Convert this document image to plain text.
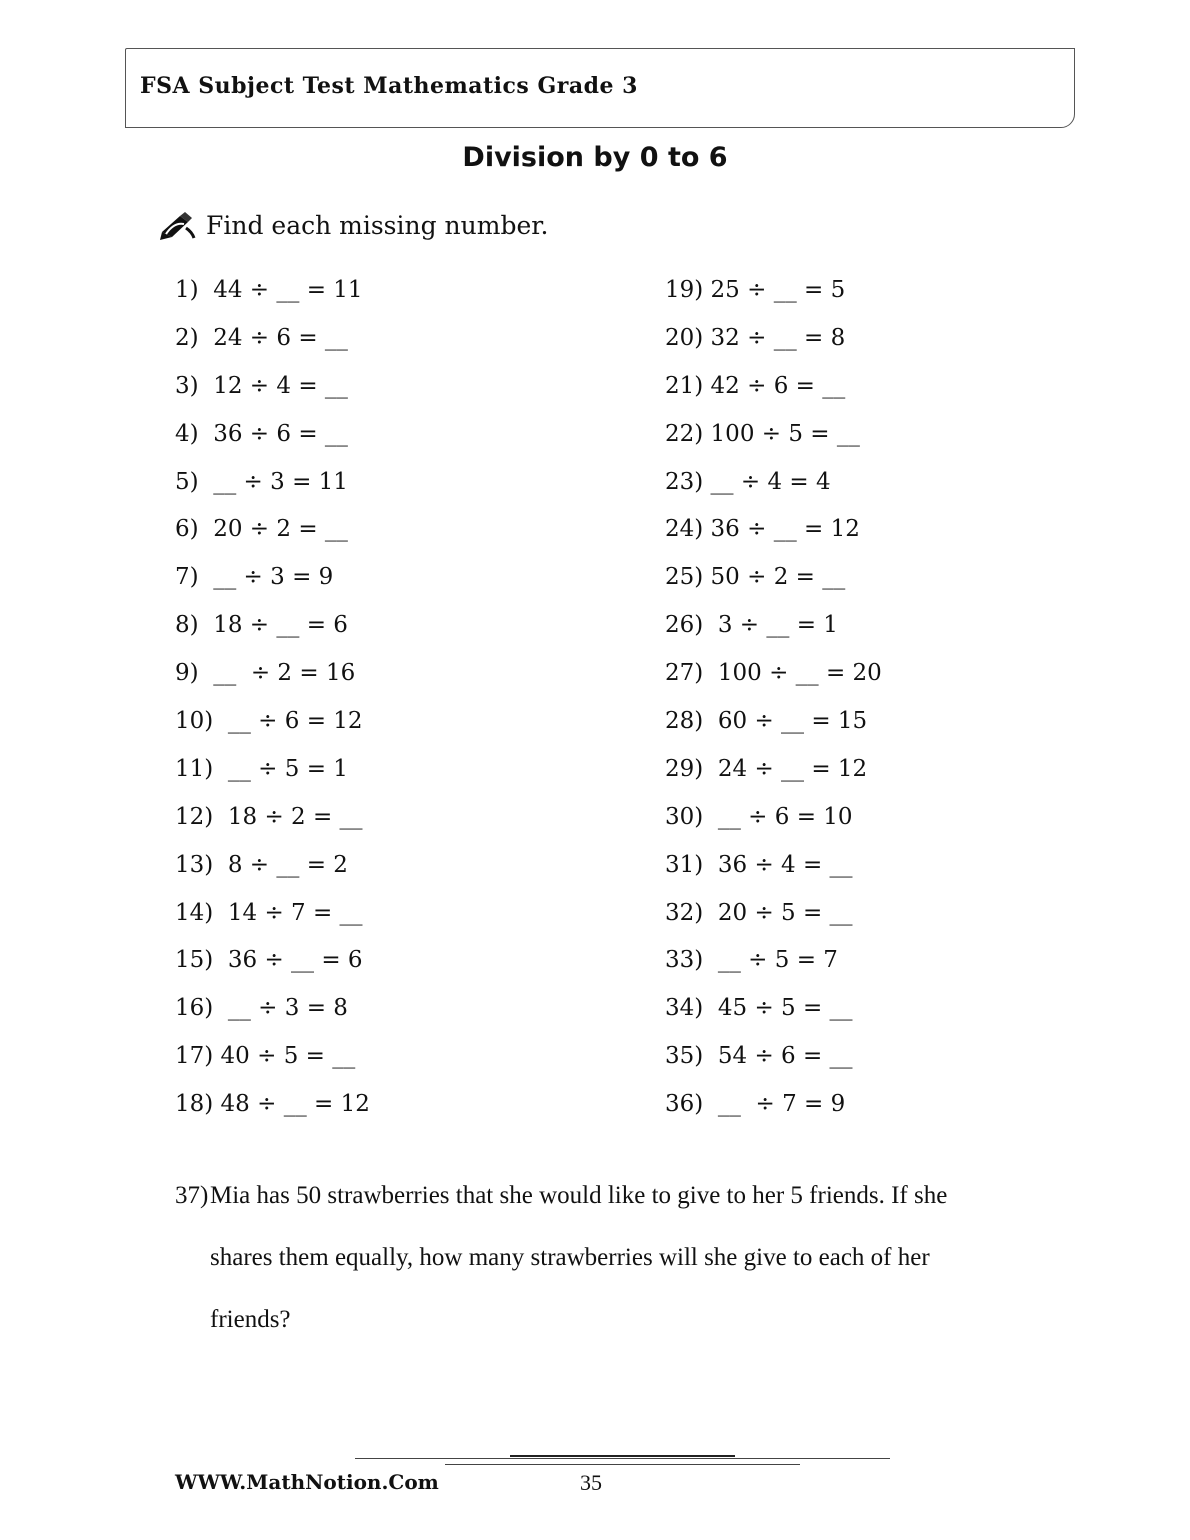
FSA Subject Test Mathematics Grade 3
Division by 0 to 6
Find each missing number.
1)  44 ÷ __ = 11
2)  24 ÷ 6 = __
3)  12 ÷ 4 = __
4)  36 ÷ 6 = __
5)  __ ÷ 3 = 11
6)  20 ÷ 2 = __
7)  __ ÷ 3 = 9
8)  18 ÷ __ = 6
9)  __  ÷ 2 = 16
10)  __ ÷ 6 = 12
11)  __ ÷ 5 = 1
12)  18 ÷ 2 = __
13)  8 ÷ __ = 2
14)  14 ÷ 7 = __
15)  36 ÷ __ = 6
16)  __ ÷ 3 = 8
17) 40 ÷ 5 = __
18) 48 ÷ __ = 12
19) 25 ÷ __ = 5
20) 32 ÷ __ = 8
21) 42 ÷ 6 = __
22) 100 ÷ 5 = __
23) __ ÷ 4 = 4
24) 36 ÷ __ = 12
25) 50 ÷ 2 = __
26)  3 ÷ __ = 1
27)  100 ÷ __ = 20
28)  60 ÷ __ = 15
29)  24 ÷ __ = 12
30)  __ ÷ 6 = 10
31)  36 ÷ 4 = __
32)  20 ÷ 5 = __
33)  __ ÷ 5 = 7
34)  45 ÷ 5 = __
35)  54 ÷ 6 = __
36)  __  ÷ 7 = 9
37)Mia has 50 strawberries that she would like to give to her 5 friends. If she
shares them equally, how many strawberries will she give to each of her
friends?
WWW.MathNotion.Com	35
